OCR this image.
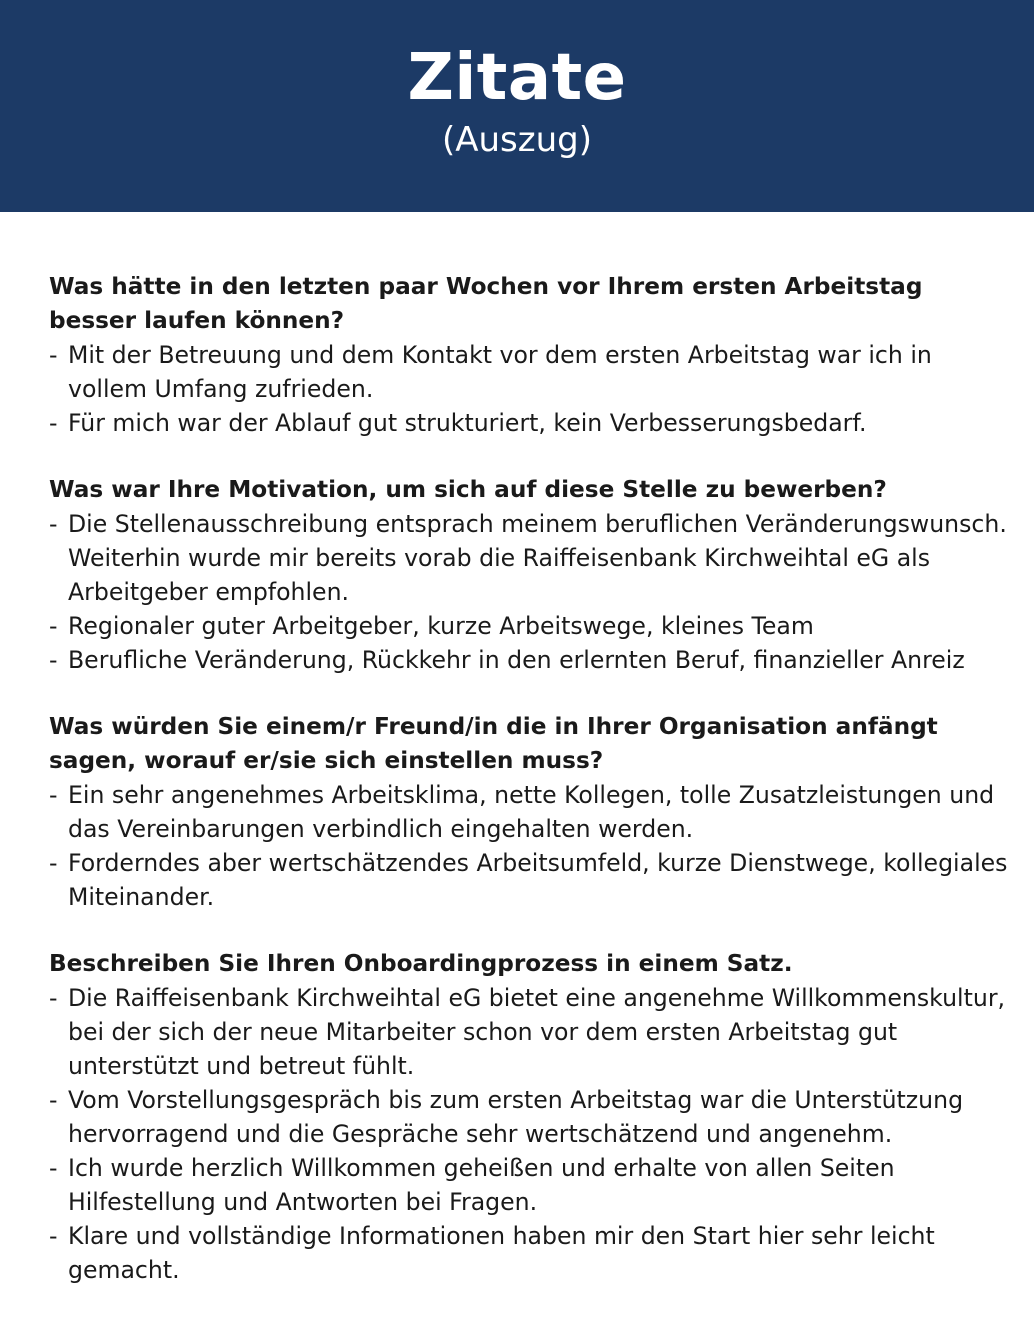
Zitate
(Auszug)

Was hätte in den letzten paar Wochen vor Ihrem ersten Arbeitstag besser laufen können?

- Mit der Betreuung und dem Kontakt vor dem ersten Arbeitstag war ich in vollem Umfang zufrieden.
- Für mich war der Ablauf gut strukturiert, kein Verbesserungsbedarf.

Was war Ihre Motivation, um sich auf diese Stelle zu bewerben?

- Die Stellenausschreibung entsprach meinem beruflichen Veränderungswunsch. Weiterhin wurde mir bereits vorab die Raiffeisenbank Kirchweihtal eG als Arbeitgeber empfohlen.
- Regionaler guter Arbeitgeber, kurze Arbeitswege, kleines Team
- Berufliche Veränderung, Rückkehr in den erlernten Beruf, finanzieller Anreiz

Was würden Sie einem/r Freund/in die in Ihrer Organisation anfängt sagen, worauf er/sie sich einstellen muss?

- Ein sehr angenehmes Arbeitsklima, nette Kollegen, tolle Zusatzleistungen und das Vereinbarungen verbindlich eingehalten werden.
- Forderndes aber wertschätzendes Arbeitsumfeld, kurze Dienstwege, kollegiales Miteinander.

Beschreiben Sie Ihren Onboardingprozess in einem Satz.

- Die Raiffeisenbank Kirchweihtal eG bietet eine angenehme Willkommenskultur, bei der sich der neue Mitarbeiter schon vor dem ersten Arbeitstag gut unterstützt und betreut fühlt.
- Vom Vorstellungsgespräch bis zum ersten Arbeitstag war die Unterstützung hervorragend und die Gespräche sehr wertschätzend und angenehm.
- Ich wurde herzlich Willkommen geheißen und erhalte von allen Seiten Hilfestellung und Antworten bei Fragen.
- Klare und vollständige Informationen haben mir den Start hier sehr leicht gemacht.
